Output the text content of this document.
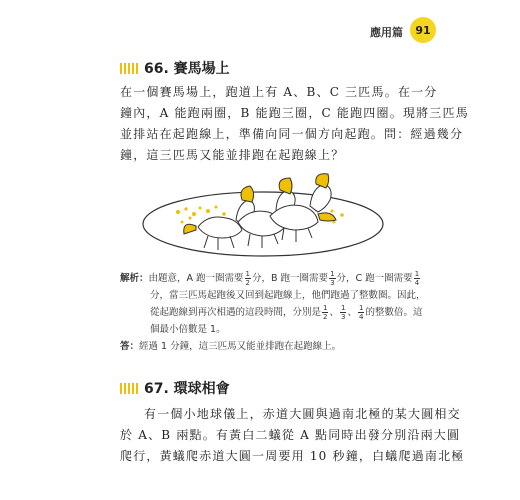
應用篇	91
66. 賽馬場上
在一個賽馬場上，跑道上有 A、B、C 三匹馬。在一分
鐘內，A 能跑兩圈，B 能跑三圈，C 能跑四圈。現將三匹馬
並排站在起跑線上，準備向同一個方向起跑。問：經過幾分
鐘，這三匹馬又能並排跑在起跑線上？
解析：由題意，A 跑一圈需要 $\frac{1}{2}$ 分，B 跑一圈需要 $\frac{1}{3}$ 分，C 跑一圈需要 $\frac{1}{4}$
分，當三匹馬起跑後又回到起跑線上，他們跑過了整數圈。因此，
從起跑線到再次相遇的這段時間，分別是 $\frac{1}{2}$ 、 $\frac{1}{3}$ 、 $\frac{1}{4}$ 的整數倍。這
個最小倍數是 1。
答：經過 1 分鐘，這三匹馬又能並排跑在起跑線上。
67. 環球相會
有一個小地球儀上，赤道大圓與過南北極的某大圓相交
於 A、B 兩點。有黃白二蟻從 A 點同時出發分別沿兩大圓
爬行，黃蟻爬赤道大圓一周要用 10 秒鐘，白蟻爬過南北極
